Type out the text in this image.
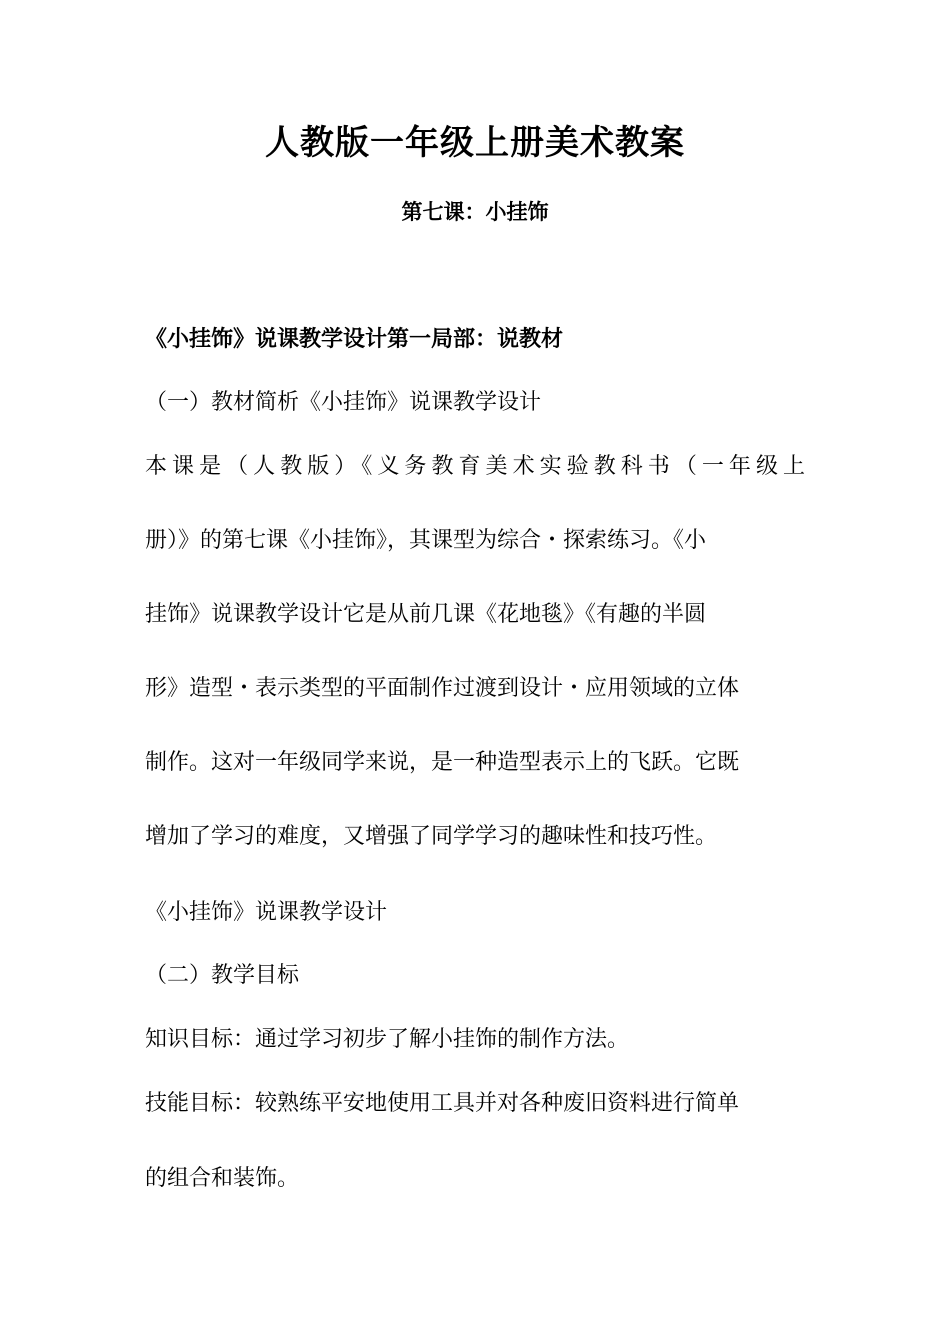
人教版一年级上册美术教案
第七课：小挂饰
《小挂饰》说课教学设计第一局部：说教材
（一）教材简析《小挂饰》说课教学设计
本课是（人教版）《义务教育美术实验教科书（一年级上
册）》的第七课《小挂饰》，其课型为综合・探索练习。《小
挂饰》说课教学设计它是从前几课《花地毯》《有趣的半圆
形》造型・表示类型的平面制作过渡到设计・应用领域的立体
制作。这对一年级同学来说，是一种造型表示上的飞跃。它既
增加了学习的难度，又增强了同学学习的趣味性和技巧性。
《小挂饰》说课教学设计
（二）教学目标
知识目标：通过学习初步了解小挂饰的制作方法。
技能目标：较熟练平安地使用工具并对各种废旧资料进行简单
的组合和装饰。
